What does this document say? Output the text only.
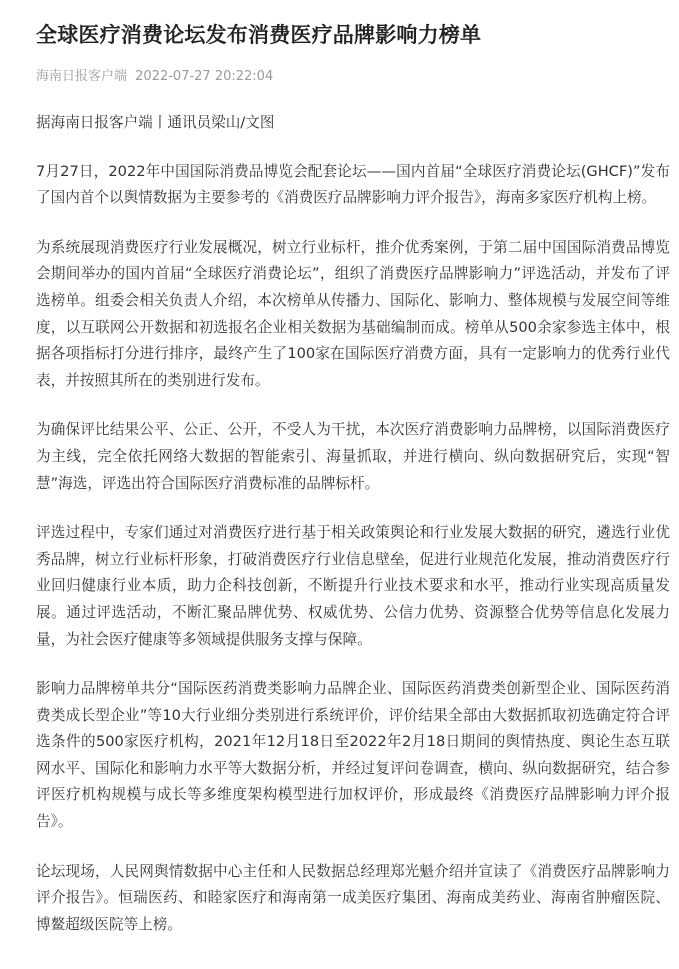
全球医疗消费论坛发布消费医疗品牌影响力榜单
海南日报客户端 2022-07-27 20:22:04

据海南日报客户端丨通讯员梁山/文图

7月27日，2022年中国国际消费品博览会配套论坛——国内首届“全球医疗消费论坛(GHCF)”发布了国内首个以舆情数据为主要参考的《消费医疗品牌影响力评介报告》，海南多家医疗机构上榜。

为系统展现消费医疗行业发展概况，树立行业标杆，推介优秀案例，于第二届中国国际消费品博览会期间举办的国内首届“全球医疗消费论坛”，组织了消费医疗品牌影响力”评选活动，并发布了评选榜单。组委会相关负责人介绍，本次榜单从传播力、国际化、影响力、整体规模与发展空间等维度，以互联网公开数据和初选报名企业相关数据为基础编制而成。榜单从500余家参选主体中，根据各项指标打分进行排序，最终产生了100家在国际医疗消费方面，具有一定影响力的优秀行业代表，并按照其所在的类别进行发布。

为确保评比结果公平、公正、公开，不受人为干扰，本次医疗消费影响力品牌榜，以国际消费医疗为主线，完全依托网络大数据的智能索引、海量抓取，并进行横向、纵向数据研究后，实现“智慧”海选，评选出符合国际医疗消费标准的品牌标杆。

评选过程中，专家们通过对消费医疗进行基于相关政策舆论和行业发展大数据的研究，遴选行业优秀品牌，树立行业标杆形象，打破消费医疗行业信息壁垒，促进行业规范化发展，推动消费医疗行业回归健康行业本质，助力企科技创新，不断提升行业技术要求和水平，推动行业实现高质量发展。通过评选活动，不断汇聚品牌优势、权威优势、公信力优势、资源整合优势等信息化发展力量，为社会医疗健康等多领域提供服务支撑与保障。

影响力品牌榜单共分“国际医药消费类影响力品牌企业、国际医药消费类创新型企业、国际医药消费类成长型企业”等10大行业细分类别进行系统评价，评价结果全部由大数据抓取初选确定符合评选条件的500家医疗机构，2021年12月18日至2022年2月18日期间的舆情热度、舆论生态互联网水平、国际化和影响力水平等大数据分析，并经过复评问卷调查，横向、纵向数据研究，结合参评医疗机构规模与成长等多维度架构模型进行加权评价，形成最终《消费医疗品牌影响力评介报告》。

论坛现场，人民网舆情数据中心主任和人民数据总经理郑光魁介绍并宣读了《消费医疗品牌影响力评介报告》。恒瑞医药、和睦家医疗和海南第一成美医疗集团、海南成美药业、海南省肿瘤医院、博鳌超级医院等上榜。
